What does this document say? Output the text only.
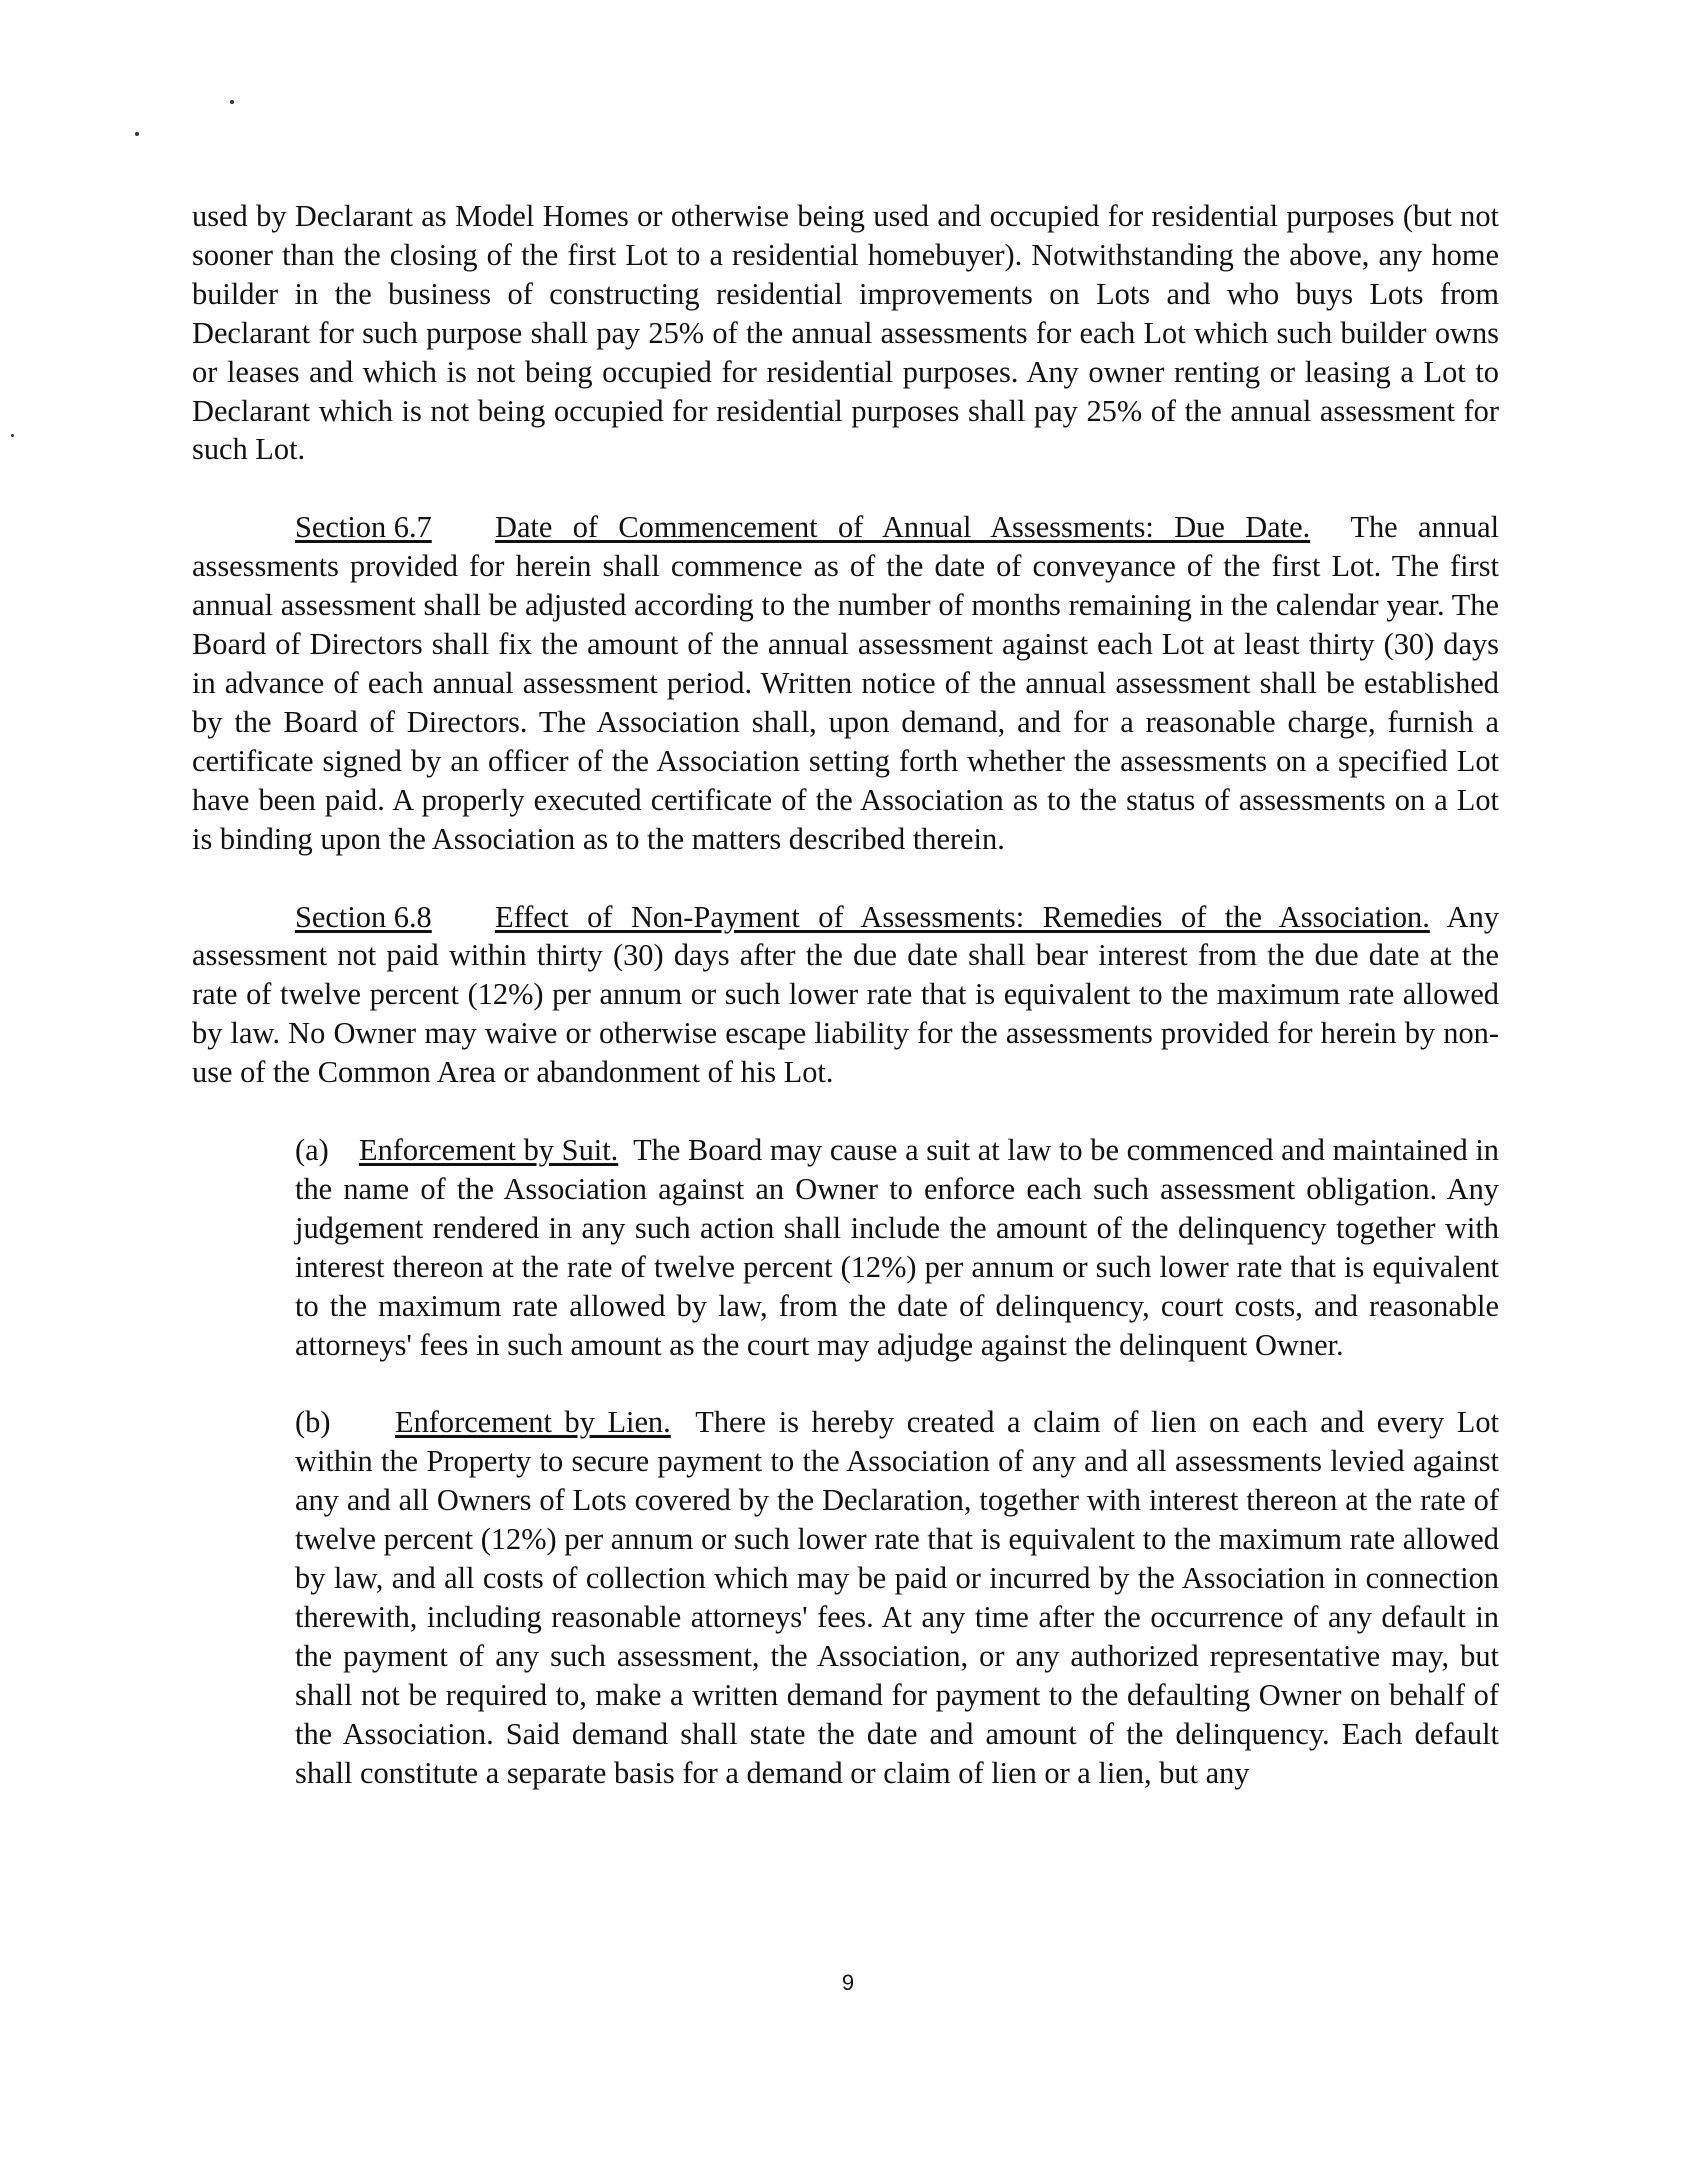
used by Declarant as Model Homes or otherwise being used and occupied for residential purposes (but not sooner than the closing of the first Lot to a residential homebuyer). Notwithstanding the above, any home builder in the business of constructing residential improvements on Lots and who buys Lots from Declarant for such purpose shall pay 25% of the annual assessments for each Lot which such builder owns or leases and which is not being occupied for residential purposes. Any owner renting or leasing a Lot to Declarant which is not being occupied for residential purposes shall pay 25% of the annual assessment for such Lot.

Section 6.7 Date of Commencement of Annual Assessments: Due Date. The annual assessments provided for herein shall commence as of the date of conveyance of the first Lot. The first annual assessment shall be adjusted according to the number of months remaining in the calendar year. The Board of Directors shall fix the amount of the annual assessment against each Lot at least thirty (30) days in advance of each annual assessment period. Written notice of the annual assessment shall be established by the Board of Directors. The Association shall, upon demand, and for a reasonable charge, furnish a certificate signed by an officer of the Association setting forth whether the assessments on a specified Lot have been paid. A properly executed certificate of the Association as to the status of assessments on a Lot is binding upon the Association as to the matters described therein.

Section 6.8 Effect of Non-Payment of Assessments: Remedies of the Association. Any assessment not paid within thirty (30) days after the due date shall bear interest from the due date at the rate of twelve percent (12%) per annum or such lower rate that is equivalent to the maximum rate allowed by law. No Owner may waive or otherwise escape liability for the assessments provided for herein by non-use of the Common Area or abandonment of his Lot.

(a) Enforcement by Suit. The Board may cause a suit at law to be commenced and maintained in the name of the Association against an Owner to enforce each such assessment obligation. Any judgement rendered in any such action shall include the amount of the delinquency together with interest thereon at the rate of twelve percent (12%) per annum or such lower rate that is equivalent to the maximum rate allowed by law, from the date of delinquency, court costs, and reasonable attorneys' fees in such amount as the court may adjudge against the delinquent Owner.

(b) Enforcement by Lien. There is hereby created a claim of lien on each and every Lot within the Property to secure payment to the Association of any and all assessments levied against any and all Owners of Lots covered by the Declaration, together with interest thereon at the rate of twelve percent (12%) per annum or such lower rate that is equivalent to the maximum rate allowed by law, and all costs of collection which may be paid or incurred by the Association in connection therewith, including reasonable attorneys' fees. At any time after the occurrence of any default in the payment of any such assessment, the Association, or any authorized representative may, but shall not be required to, make a written demand for payment to the defaulting Owner on behalf of the Association. Said demand shall state the date and amount of the delinquency. Each default shall constitute a separate basis for a demand or claim of lien or a lien, but any

9
